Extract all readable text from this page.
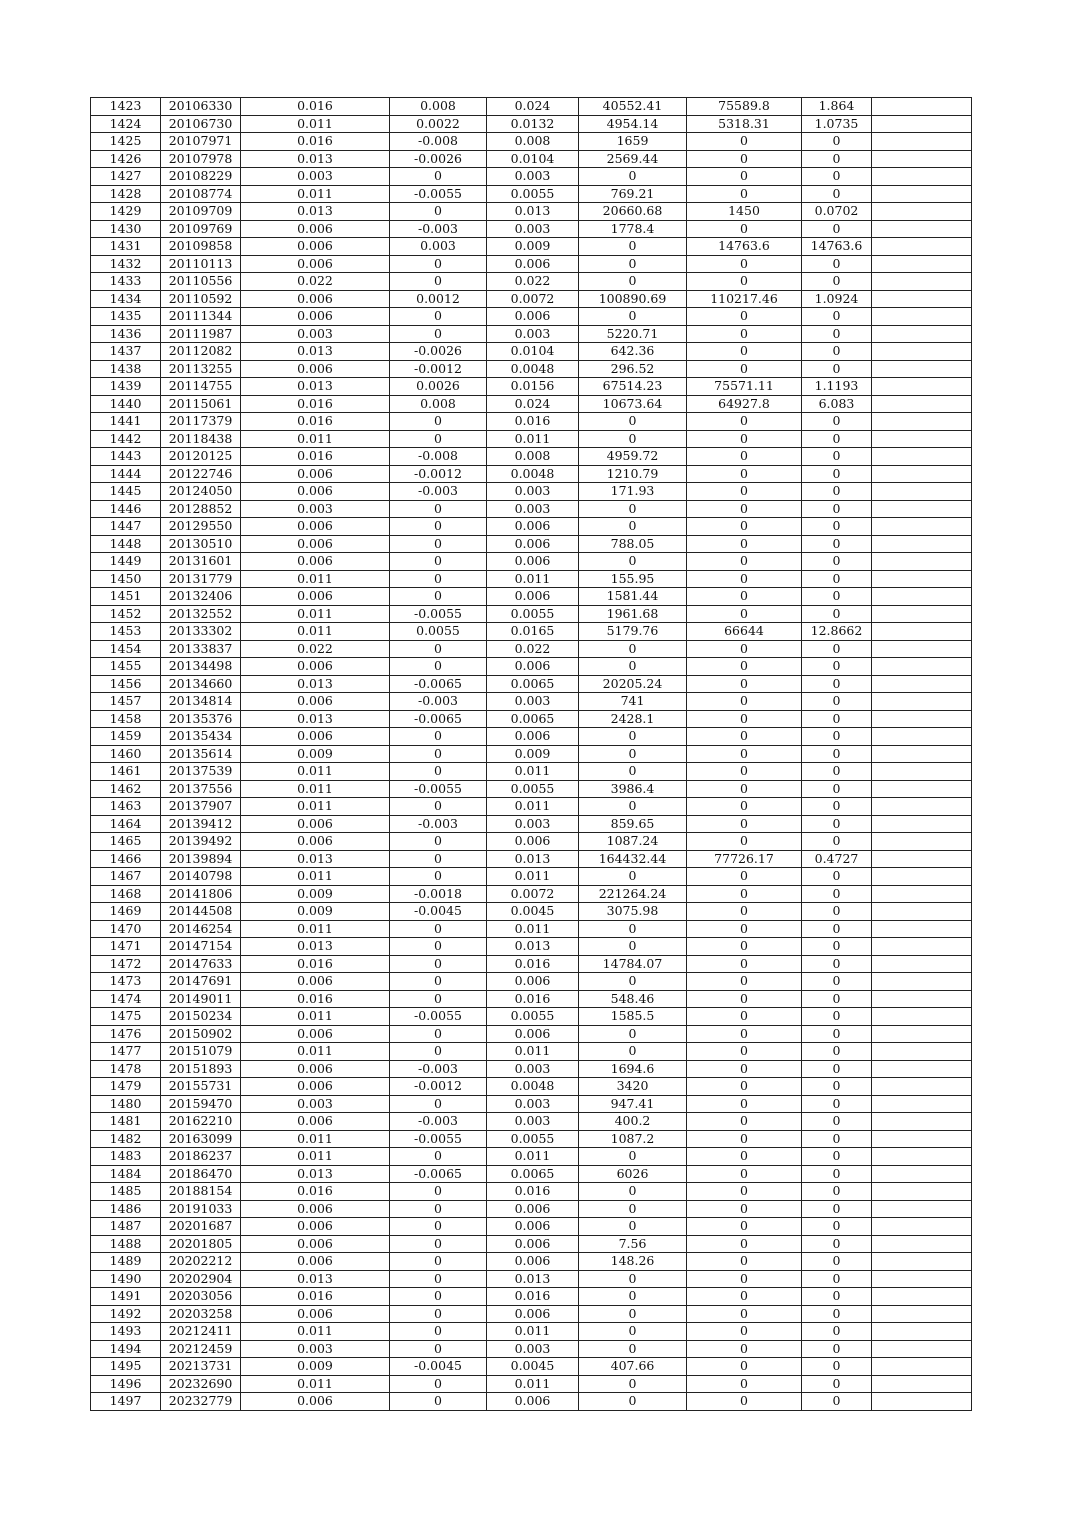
1423	20106330	0.016	0.008	0.024	40552.41	75589.8	1.864	
1424	20106730	0.011	0.0022	0.0132	4954.14	5318.31	1.0735	
1425	20107971	0.016	-0.008	0.008	1659	0	0	
1426	20107978	0.013	-0.0026	0.0104	2569.44	0	0	
1427	20108229	0.003	0	0.003	0	0	0	
1428	20108774	0.011	-0.0055	0.0055	769.21	0	0	
1429	20109709	0.013	0	0.013	20660.68	1450	0.0702	
1430	20109769	0.006	-0.003	0.003	1778.4	0	0	
1431	20109858	0.006	0.003	0.009	0	14763.6	14763.6	
1432	20110113	0.006	0	0.006	0	0	0	
1433	20110556	0.022	0	0.022	0	0	0	
1434	20110592	0.006	0.0012	0.0072	100890.69	110217.46	1.0924	
1435	20111344	0.006	0	0.006	0	0	0	
1436	20111987	0.003	0	0.003	5220.71	0	0	
1437	20112082	0.013	-0.0026	0.0104	642.36	0	0	
1438	20113255	0.006	-0.0012	0.0048	296.52	0	0	
1439	20114755	0.013	0.0026	0.0156	67514.23	75571.11	1.1193	
1440	20115061	0.016	0.008	0.024	10673.64	64927.8	6.083	
1441	20117379	0.016	0	0.016	0	0	0	
1442	20118438	0.011	0	0.011	0	0	0	
1443	20120125	0.016	-0.008	0.008	4959.72	0	0	
1444	20122746	0.006	-0.0012	0.0048	1210.79	0	0	
1445	20124050	0.006	-0.003	0.003	171.93	0	0	
1446	20128852	0.003	0	0.003	0	0	0	
1447	20129550	0.006	0	0.006	0	0	0	
1448	20130510	0.006	0	0.006	788.05	0	0	
1449	20131601	0.006	0	0.006	0	0	0	
1450	20131779	0.011	0	0.011	155.95	0	0	
1451	20132406	0.006	0	0.006	1581.44	0	0	
1452	20132552	0.011	-0.0055	0.0055	1961.68	0	0	
1453	20133302	0.011	0.0055	0.0165	5179.76	66644	12.8662	
1454	20133837	0.022	0	0.022	0	0	0	
1455	20134498	0.006	0	0.006	0	0	0	
1456	20134660	0.013	-0.0065	0.0065	20205.24	0	0	
1457	20134814	0.006	-0.003	0.003	741	0	0	
1458	20135376	0.013	-0.0065	0.0065	2428.1	0	0	
1459	20135434	0.006	0	0.006	0	0	0	
1460	20135614	0.009	0	0.009	0	0	0	
1461	20137539	0.011	0	0.011	0	0	0	
1462	20137556	0.011	-0.0055	0.0055	3986.4	0	0	
1463	20137907	0.011	0	0.011	0	0	0	
1464	20139412	0.006	-0.003	0.003	859.65	0	0	
1465	20139492	0.006	0	0.006	1087.24	0	0	
1466	20139894	0.013	0	0.013	164432.44	77726.17	0.4727	
1467	20140798	0.011	0	0.011	0	0	0	
1468	20141806	0.009	-0.0018	0.0072	221264.24	0	0	
1469	20144508	0.009	-0.0045	0.0045	3075.98	0	0	
1470	20146254	0.011	0	0.011	0	0	0	
1471	20147154	0.013	0	0.013	0	0	0	
1472	20147633	0.016	0	0.016	14784.07	0	0	
1473	20147691	0.006	0	0.006	0	0	0	
1474	20149011	0.016	0	0.016	548.46	0	0	
1475	20150234	0.011	-0.0055	0.0055	1585.5	0	0	
1476	20150902	0.006	0	0.006	0	0	0	
1477	20151079	0.011	0	0.011	0	0	0	
1478	20151893	0.006	-0.003	0.003	1694.6	0	0	
1479	20155731	0.006	-0.0012	0.0048	3420	0	0	
1480	20159470	0.003	0	0.003	947.41	0	0	
1481	20162210	0.006	-0.003	0.003	400.2	0	0	
1482	20163099	0.011	-0.0055	0.0055	1087.2	0	0	
1483	20186237	0.011	0	0.011	0	0	0	
1484	20186470	0.013	-0.0065	0.0065	6026	0	0	
1485	20188154	0.016	0	0.016	0	0	0	
1486	20191033	0.006	0	0.006	0	0	0	
1487	20201687	0.006	0	0.006	0	0	0	
1488	20201805	0.006	0	0.006	7.56	0	0	
1489	20202212	0.006	0	0.006	148.26	0	0	
1490	20202904	0.013	0	0.013	0	0	0	
1491	20203056	0.016	0	0.016	0	0	0	
1492	20203258	0.006	0	0.006	0	0	0	
1493	20212411	0.011	0	0.011	0	0	0	
1494	20212459	0.003	0	0.003	0	0	0	
1495	20213731	0.009	-0.0045	0.0045	407.66	0	0	
1496	20232690	0.011	0	0.011	0	0	0	
1497	20232779	0.006	0	0.006	0	0	0	
